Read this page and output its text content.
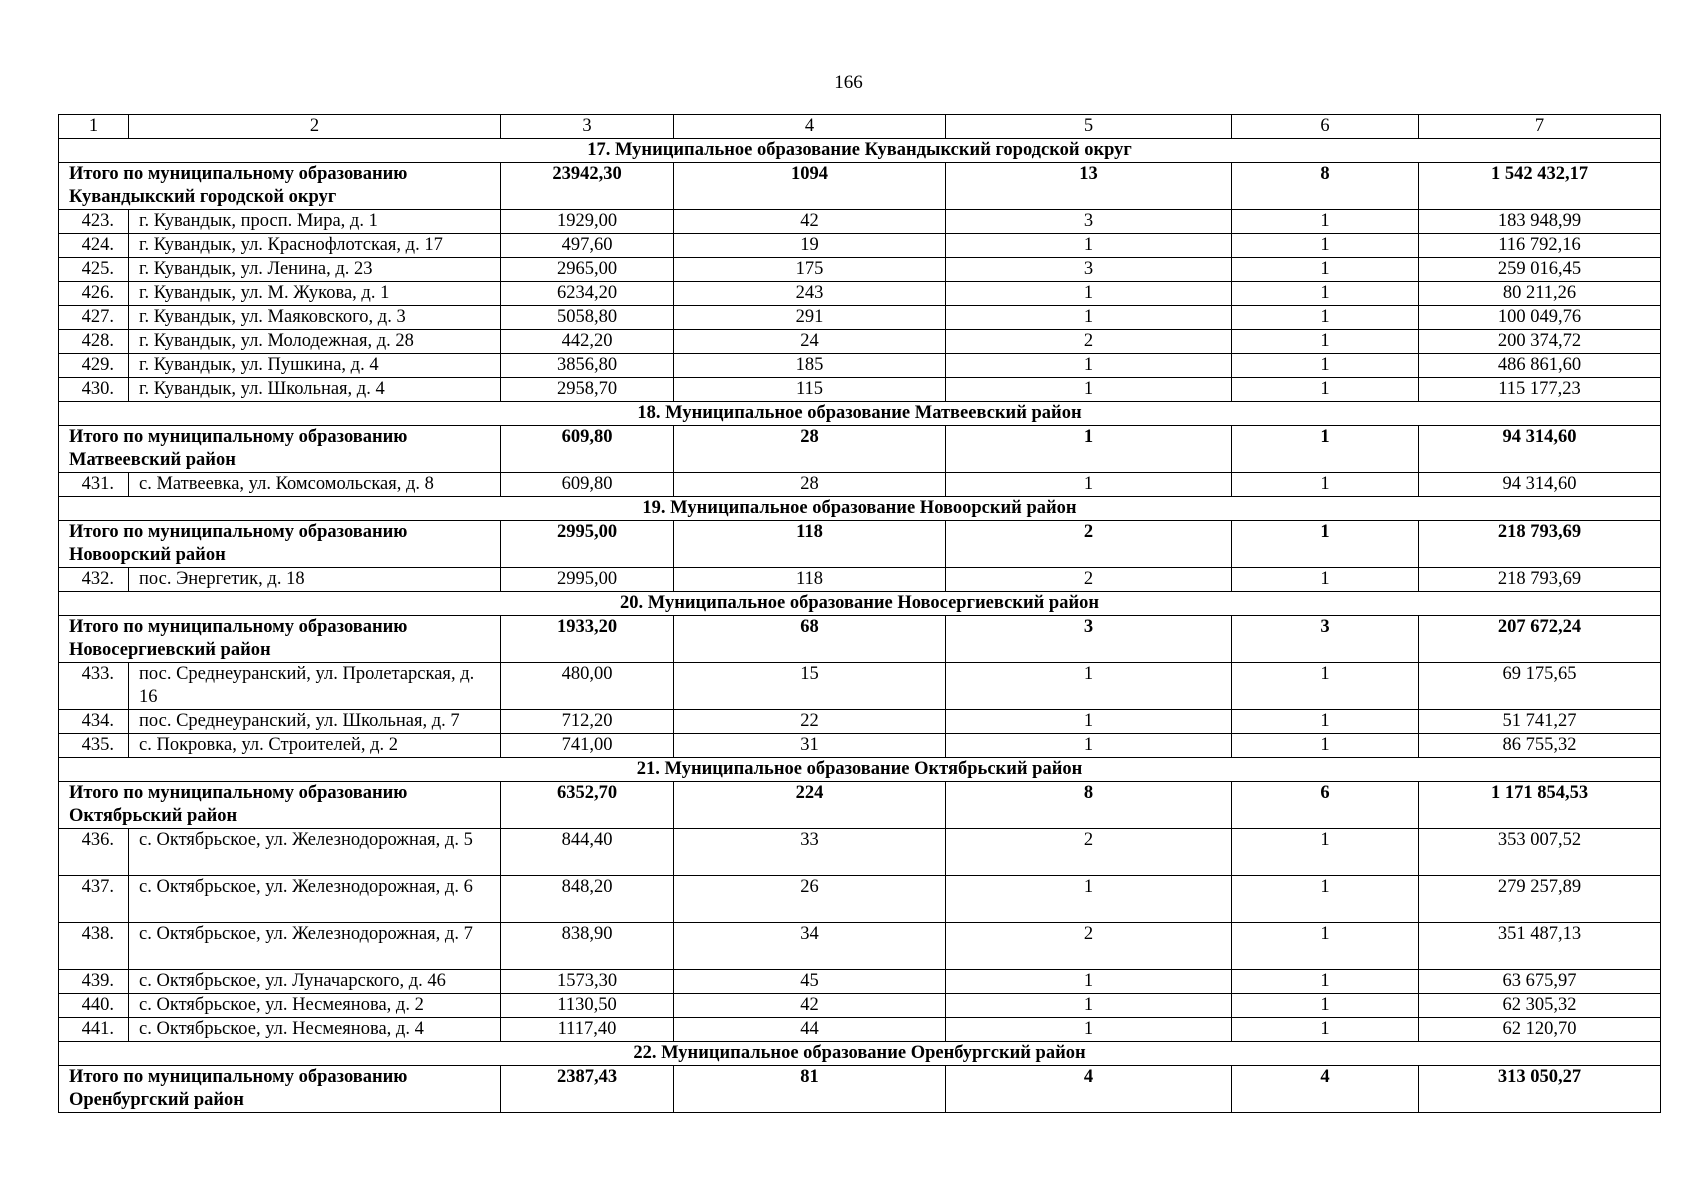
166
1	2	3	4	5	6	7
17. Муниципальное образование Кувандыкский городской округ						
Итого по муниципальному образованию Кувандыкский городской округ		23942,30	1094	13	8	1 542 432,17
423.	г. Кувандык, просп. Мира, д. 1	1929,00	42	3	1	183 948,99
424.	г. Кувандык, ул. Краснофлотская, д. 17	497,60	19	1	1	116 792,16
425.	г. Кувандык, ул. Ленина, д. 23	2965,00	175	3	1	259 016,45
426.	г. Кувандык, ул. М. Жукова, д. 1	6234,20	243	1	1	80 211,26
427.	г. Кувандык, ул. Маяковского, д. 3	5058,80	291	1	1	100 049,76
428.	г. Кувандык, ул. Молодежная, д. 28	442,20	24	2	1	200 374,72
429.	г. Кувандык, ул. Пушкина, д. 4	3856,80	185	1	1	486 861,60
430.	г. Кувандык, ул. Школьная, д. 4	2958,70	115	1	1	115 177,23
18. Муниципальное образование Матвеевский район						
Итого по муниципальному образованию Матвеевский район		609,80	28	1	1	94 314,60
431.	с. Матвеевка, ул. Комсомольская, д. 8	609,80	28	1	1	94 314,60
19. Муниципальное образование Новоорский район						
Итого по муниципальному образованию Новоорский район		2995,00	118	2	1	218 793,69
432.	пос. Энергетик, д. 18	2995,00	118	2	1	218 793,69
20. Муниципальное образование Новосергиевский район						
Итого по муниципальному образованию Новосергиевский район		1933,20	68	3	3	207 672,24
433.	пос. Среднеуранский, ул. Пролетарская, д. 16	480,00	15	1	1	69 175,65
434.	пос. Среднеуранский, ул. Школьная, д. 7	712,20	22	1	1	51 741,27
435.	с. Покровка, ул. Строителей, д. 2	741,00	31	1	1	86 755,32
21. Муниципальное образование Октябрьский район						
Итого по муниципальному образованию Октябрьский район		6352,70	224	8	6	1 171 854,53
436.	с. Октябрьское, ул. Железнодорожная, д. 5	844,40	33	2	1	353 007,52
437.	с. Октябрьское, ул. Железнодорожная, д. 6	848,20	26	1	1	279 257,89
438.	с. Октябрьское, ул. Железнодорожная, д. 7	838,90	34	2	1	351 487,13
439.	с. Октябрьское, ул. Луначарского, д. 46	1573,30	45	1	1	63 675,97
440.	с. Октябрьское, ул. Несмеянова, д. 2	1130,50	42	1	1	62 305,32
441.	с. Октябрьское, ул. Несмеянова, д. 4	1117,40	44	1	1	62 120,70
22. Муниципальное образование Оренбургский район						
Итого по муниципальному образованию Оренбургский район		2387,43	81	4	4	313 050,27
